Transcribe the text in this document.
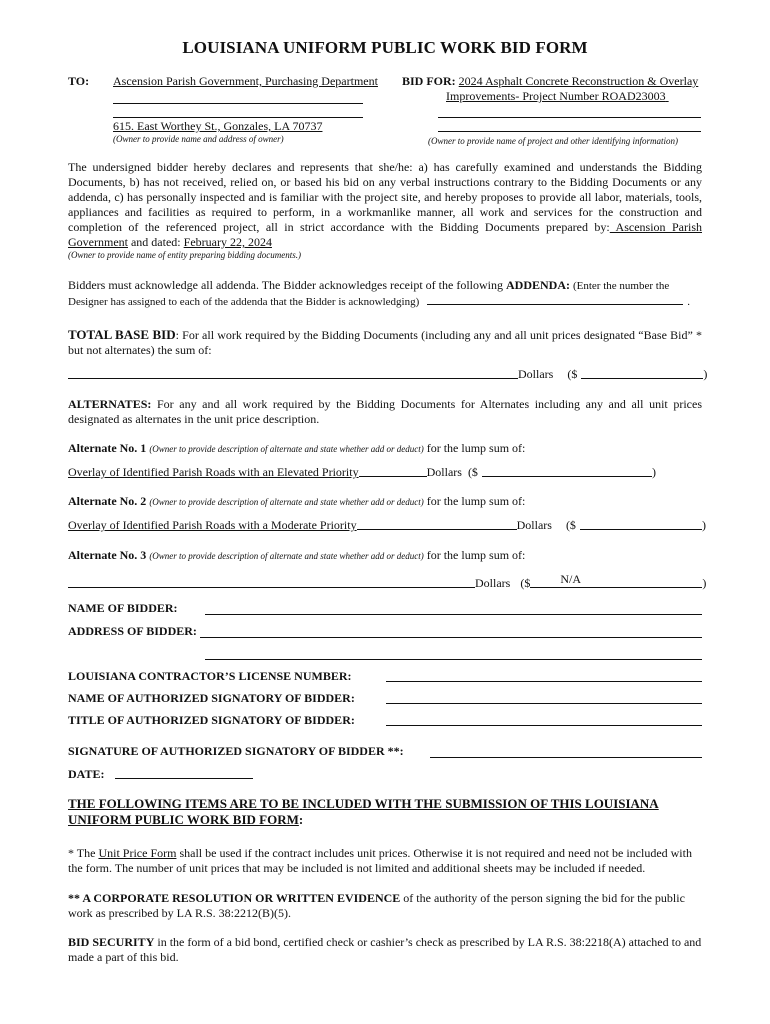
LOUISIANA UNIFORM PUBLIC WORK BID FORM
TO: Ascension Parish Government, Purchasing Department
615. East Worthey St., Gonzales, LA 70737
(Owner to provide name and address of owner)
BID FOR: 2024 Asphalt Concrete Reconstruction & Overlay
Improvements- Project Number ROAD23003
(Owner to provide name of project and other identifying information)
The undersigned bidder hereby declares and represents that she/he: a) has carefully examined and understands the Bidding Documents, b) has not received, relied on, or based his bid on any verbal instructions contrary to the Bidding Documents or any addenda, c) has personally inspected and is familiar with the project site, and hereby proposes to provide all labor, materials, tools, appliances and facilities as required to perform, in a workmanlike manner, all work and services for the construction and completion of the referenced project, all in strict accordance with the Bidding Documents prepared by: Ascension Parish Government and dated: February 22, 2024
(Owner to provide name of entity preparing bidding documents.)
Bidders must acknowledge all addenda. The Bidder acknowledges receipt of the following ADDENDA: (Enter the number the
Designer has assigned to each of the addenda that the Bidder is acknowledging)	.
TOTAL BASE BID: For all work required by the Bidding Documents (including any and all unit prices designated “Base Bid” * but not alternates) the sum of:
Dollars ($	)
ALTERNATES: For any and all work required by the Bidding Documents for Alternates including any and all unit prices designated as alternates in the unit price description.
Alternate No. 1 (Owner to provide description of alternate and state whether add or deduct) for the lump sum of:
Overlay of Identified Parish Roads with an Elevated Priority	Dollars ($	)
Alternate No. 2 (Owner to provide description of alternate and state whether add or deduct) for the lump sum of:
Overlay of Identified Parish Roads with a Moderate Priority	Dollars ($	)
Alternate No. 3 (Owner to provide description of alternate and state whether add or deduct) for the lump sum of:
Dollars ($	N/A	)
NAME OF BIDDER:
ADDRESS OF BIDDER:
LOUISIANA CONTRACTOR’S LICENSE NUMBER:
NAME OF AUTHORIZED SIGNATORY OF BIDDER:
TITLE OF AUTHORIZED SIGNATORY OF BIDDER:
SIGNATURE OF AUTHORIZED SIGNATORY OF BIDDER **:
DATE:
THE FOLLOWING ITEMS ARE TO BE INCLUDED WITH THE SUBMISSION OF THIS LOUISIANA UNIFORM PUBLIC WORK BID FORM:
* The Unit Price Form shall be used if the contract includes unit prices. Otherwise it is not required and need not be included with the form. The number of unit prices that may be included is not limited and additional sheets may be included if needed.
** A CORPORATE RESOLUTION OR WRITTEN EVIDENCE of the authority of the person signing the bid for the public work as prescribed by LA R.S. 38:2212(B)(5).
BID SECURITY in the form of a bid bond, certified check or cashier’s check as prescribed by LA R.S. 38:2218(A) attached to and made a part of this bid.
